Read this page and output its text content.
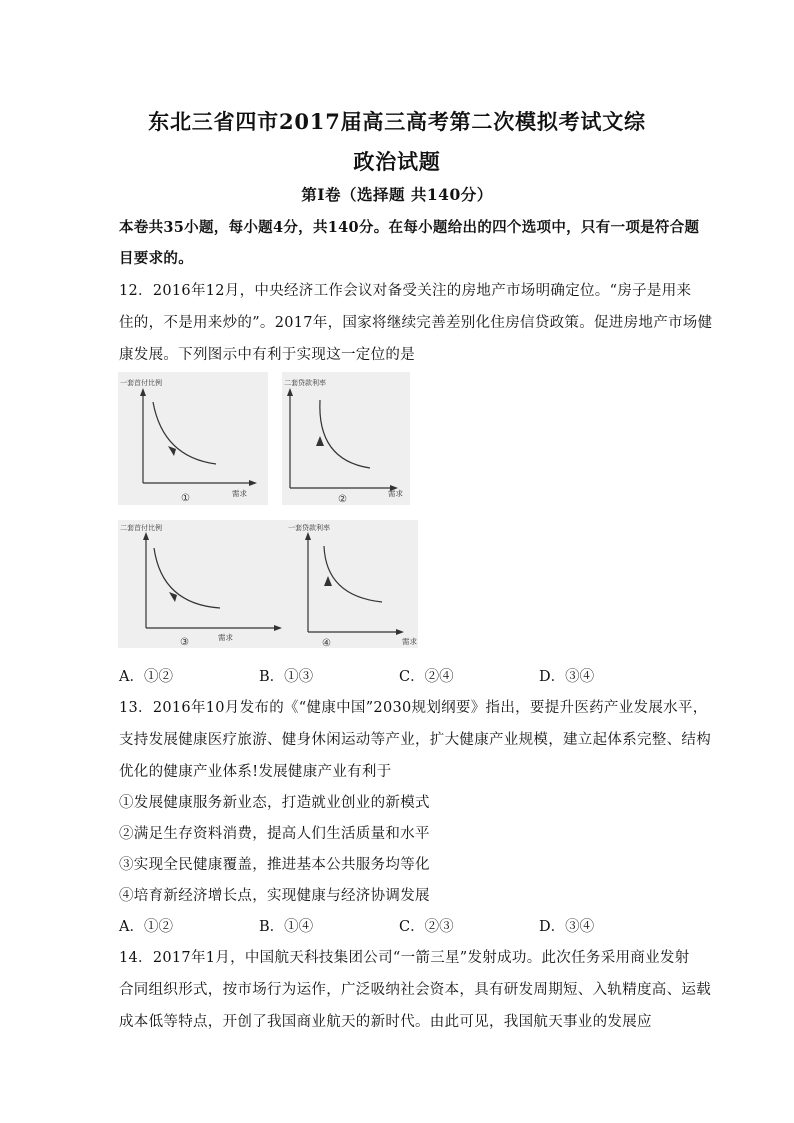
东北三省四市2017届高三高考第二次模拟考试文综
政治试题
第Ⅰ卷（选择题 共140分）
本卷共35小题，每小题4分，共140分。在每小题给出的四个选项中，只有一项是符合题
目要求的。
12．2016年12月，中央经济工作会议对备受关注的房地产市场明确定位。“房子是用来
住的，不是用来炒的”。2017年，国家将继续完善差别化住房信贷政策。促进房地产市场健
康发展。下列图示中有利于实现这一定位的是
一套首付比例
需求
①
二套贷款利率
需求
②
二套首付比例
需求
③
一套贷款利率
需求
④
A．①②	B．①③	C．②④	D．③④
13．2016年10月发布的《“健康中国”2030规划纲要》指出，要提升医药产业发展水平，
支持发展健康医疗旅游、健身休闲运动等产业，扩大健康产业规模，建立起体系完整、结构
优化的健康产业体系!发展健康产业有利于
①发展健康服务新业态，打造就业创业的新模式
②满足生存资料消费，提高人们生活质量和水平
③实现全民健康覆盖，推进基本公共服务均等化
④培育新经济增长点，实现健康与经济协调发展
A．①②	B．①④	C．②③	D．③④
14．2017年1月，中国航天科技集团公司“一箭三星”发射成功。此次任务采用商业发射
合同组织形式，按市场行为运作，广泛吸纳社会资本，具有研发周期短、入轨精度高、运载
成本低等特点，开创了我国商业航天的新时代。由此可见，我国航天事业的发展应
